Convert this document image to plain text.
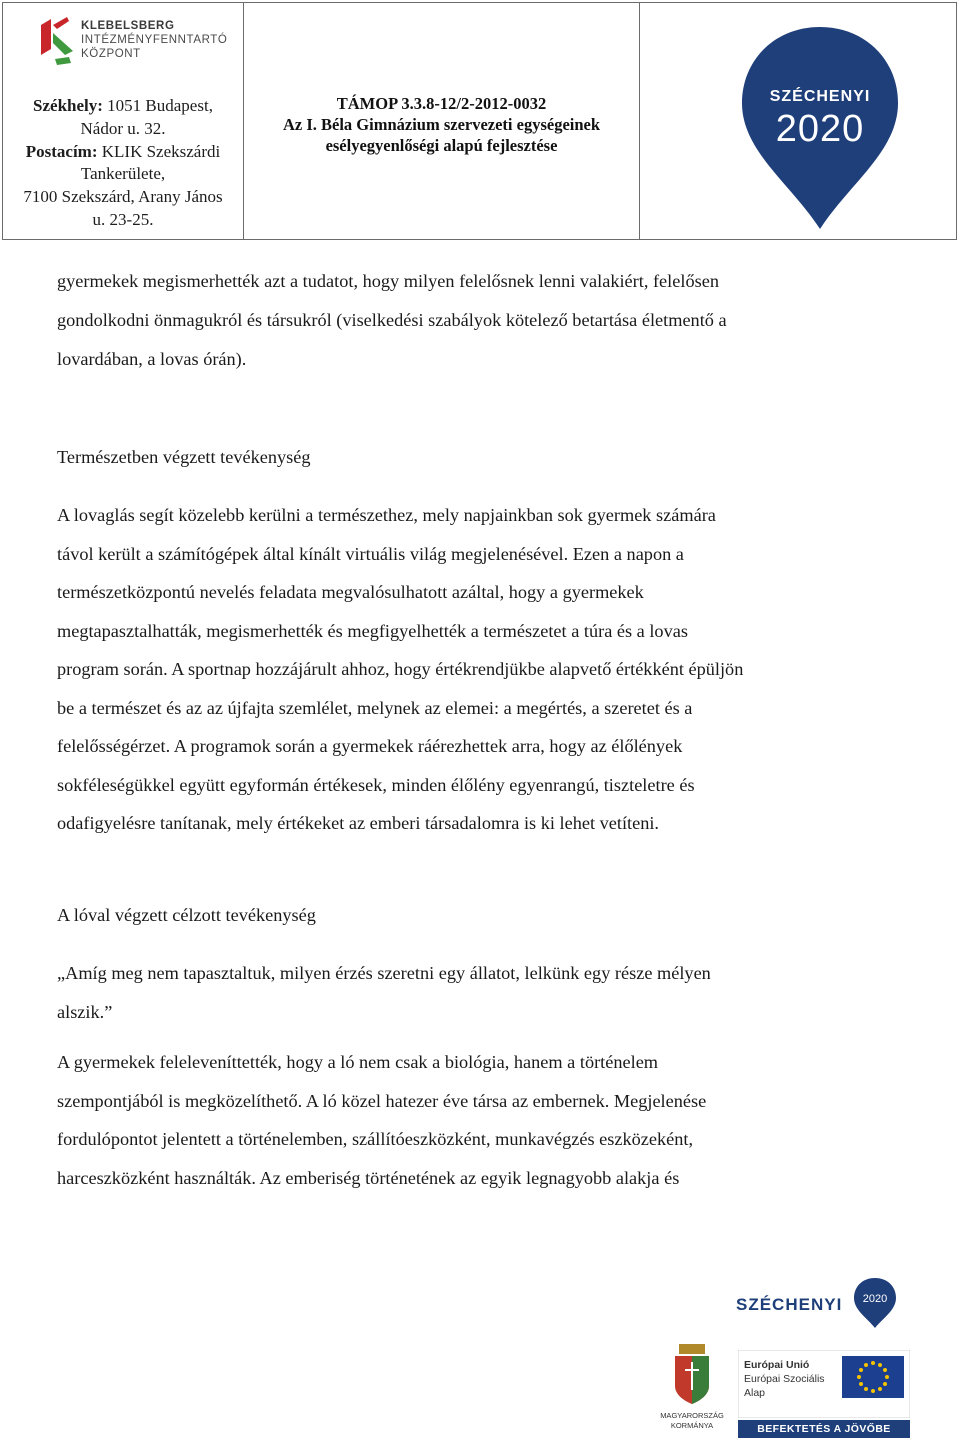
KLEBELSBERG
INTÉZMÉNYFENNTARTÓ
KÖZPONT
Székhely: 1051 Budapest,
Nádor u. 32.
Postacím: KLIK Szekszárdi
Tankerülete,
7100 Szekszárd, Arany János
u. 23-25.
TÁMOP 3.3.8-12/2-2012-0032
Az I. Béla Gimnázium szervezeti egységeinek
esélyegyenlőségi alapú fejlesztése
SZÉCHENYI
2020

gyermekek megismerhették azt a tudatot, hogy milyen felelősnek lenni valakiért, felelősen

gondolkodni önmagukról és társukról (viselkedési szabályok kötelező betartása életmentő a

lovardában, a lovas órán).

Természetben végzett tevékenység

A lovaglás segít közelebb kerülni a természethez, mely napjainkban sok gyermek számára

távol került a számítógépek által kínált virtuális világ megjelenésével. Ezen a napon a

természetközpontú nevelés feladata megvalósulhatott azáltal, hogy a gyermekek

megtapasztalhatták, megismerhették és megfigyelhették a természetet a túra és a lovas

program során. A sportnap hozzájárult ahhoz, hogy értékrendjükbe alapvető értékként épüljön

be a természet és az az újfajta szemlélet, melynek az elemei: a megértés, a szeretet és a

felelősségérzet. A programok során a gyermekek ráérezhettek arra, hogy az élőlények

sokféleségükkel együtt egyformán értékesek, minden élőlény egyenrangú, tiszteletre és

odafigyelésre tanítanak, mely értékeket az emberi társadalomra is ki lehet vetíteni.

A lóval végzett célzott tevékenység

„Amíg meg nem tapasztaltuk, milyen érzés szeretni egy állatot, lelkünk egy része mélyen

alszik.”

A gyermekek feleleveníttették, hogy a ló nem csak a biológia, hanem a történelem

szempontjából is megközelíthető. A ló közel hatezer éve társa az embernek. Megjelenése

fordulópontot jelentett a történelemben, szállítóeszközként, munkavégzés eszközeként,

harceszközként használták. Az emberiség történetének az egyik legnagyobb alakja és

SZÉCHENYI 2020
MAGYARORSZÁG
KORMÁNYA
Európai Unió
Európai Szociális
Alap
BEFEKTETÉS A JÖVŐBE
